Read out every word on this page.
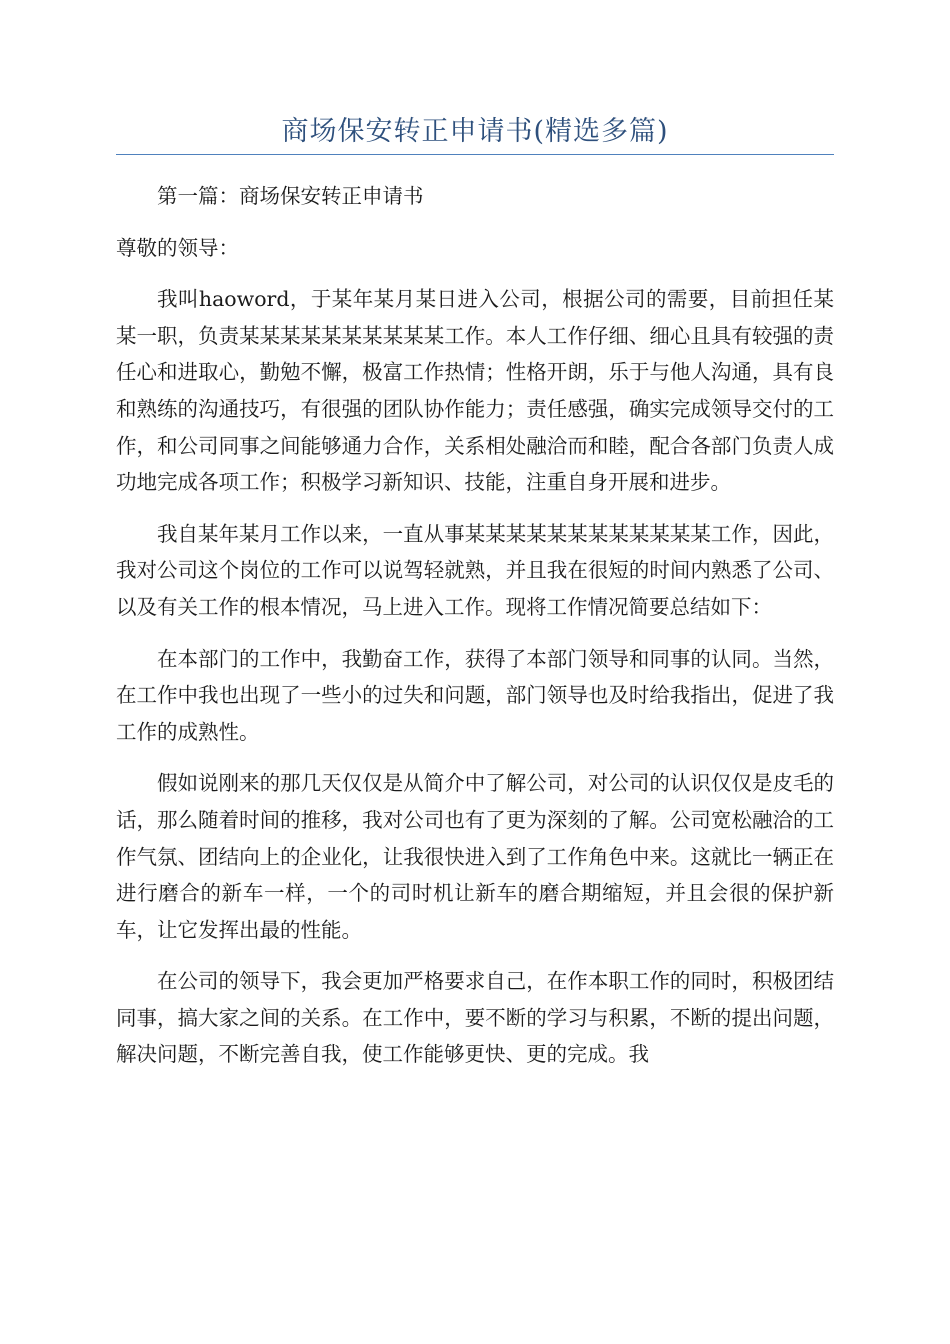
商场保安转正申请书(精选多篇)

第一篇：商场保安转正申请书

尊敬的领导：

我叫haoword，于某年某月某日进入公司，根据公司的需要，目前担任某某一职，负责某某某某某某某某某某工作。本人工作仔细、细心且具有较强的责任心和进取心，勤勉不懈，极富工作热情；性格开朗，乐于与他人沟通，具有良和熟练的沟通技巧，有很强的团队协作能力；责任感强，确实完成领导交付的工作，和公司同事之间能够通力合作，关系相处融洽而和睦，配合各部门负责人成功地完成各项工作；积极学习新知识、技能，注重自身开展和进步。

我自某年某月工作以来，一直从事某某某某某某某某某某某某工作，因此，我对公司这个岗位的工作可以说驾轻就熟，并且我在很短的时间内熟悉了公司、以及有关工作的根本情况，马上进入工作。现将工作情况简要总结如下：

在本部门的工作中，我勤奋工作，获得了本部门领导和同事的认同。当然，在工作中我也出现了一些小的过失和问题，部门领导也及时给我指出，促进了我工作的成熟性。

假如说刚来的那几天仅仅是从简介中了解公司，对公司的认识仅仅是皮毛的话，那么随着时间的推移，我对公司也有了更为深刻的了解。公司宽松融洽的工作气氛、团结向上的企业化，让我很快进入到了工作角色中来。这就比一辆正在进行磨合的新车一样，一个的司时机让新车的磨合期缩短，并且会很的保护新车，让它发挥出最的性能。

在公司的领导下，我会更加严格要求自己，在作本职工作的同时，积极团结同事，搞大家之间的关系。在工作中，要不断的学习与积累，不断的提出问题，解决问题，不断完善自我，使工作能够更快、更的完成。我
